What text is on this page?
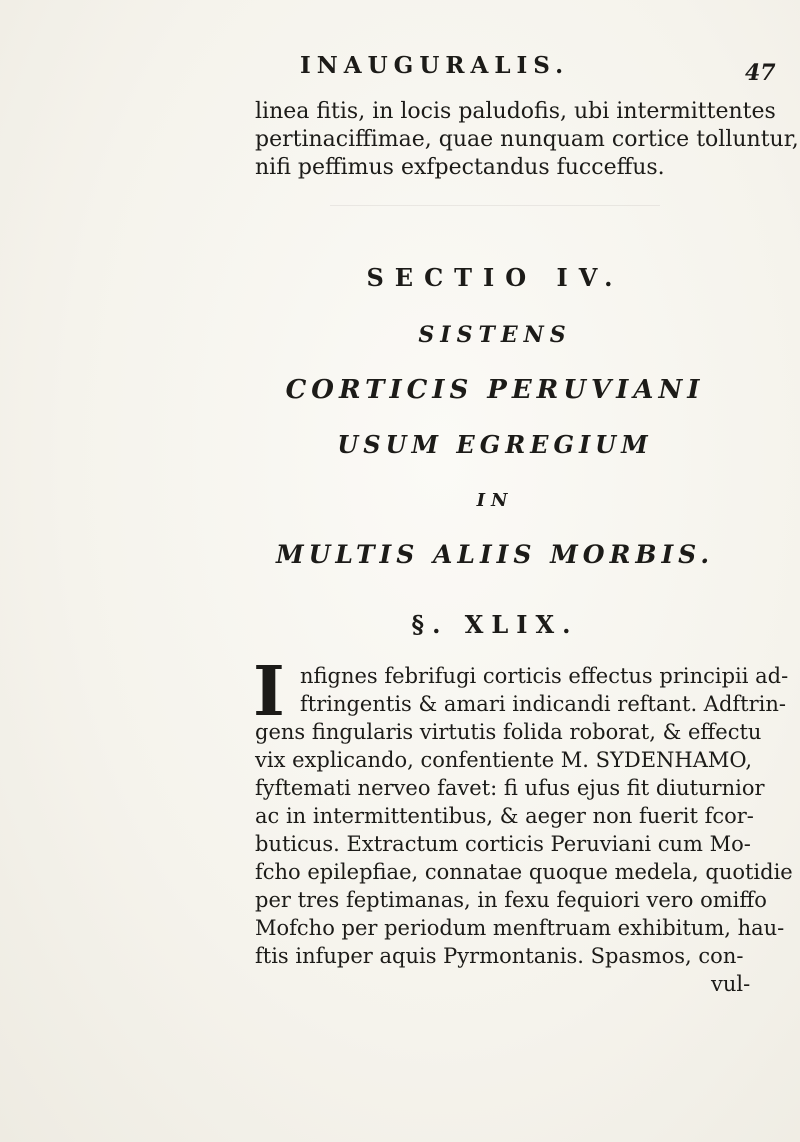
INAUGURALIS.	47
linea fitis, in locis paludofis, ubi intermittentes
pertinaciffimae, quae nunquam cortice tolluntur,
nifi peffimus exfpectandus fucceffus.
SECTIO IV.
SISTENS
CORTICIS PERUVIANI
USUM EGREGIUM
IN
MULTIS ALIIS MORBIS.
§. XLIX.
I nfignes febrifugi corticis effectus principii ad-
ftringentis & amari indicandi reftant. Adftrin-
gens fingularis virtutis folida roborat, & effectu
vix explicando, confentiente M. SYDENHAMO,
fyftemati nerveo favet: fi ufus ejus fit diuturnior
ac in intermittentibus, & aeger non fuerit fcor-
buticus. Extractum corticis Peruviani cum Mo-
fcho epilepfiae, connatae quoque medela, quotidie
per tres feptimanas, in fexu fequiori vero omiffo
Mofcho per periodum menftruam exhibitum, hau-
ftis infuper aquis Pyrmontanis. Spasmos, con-
vul-
